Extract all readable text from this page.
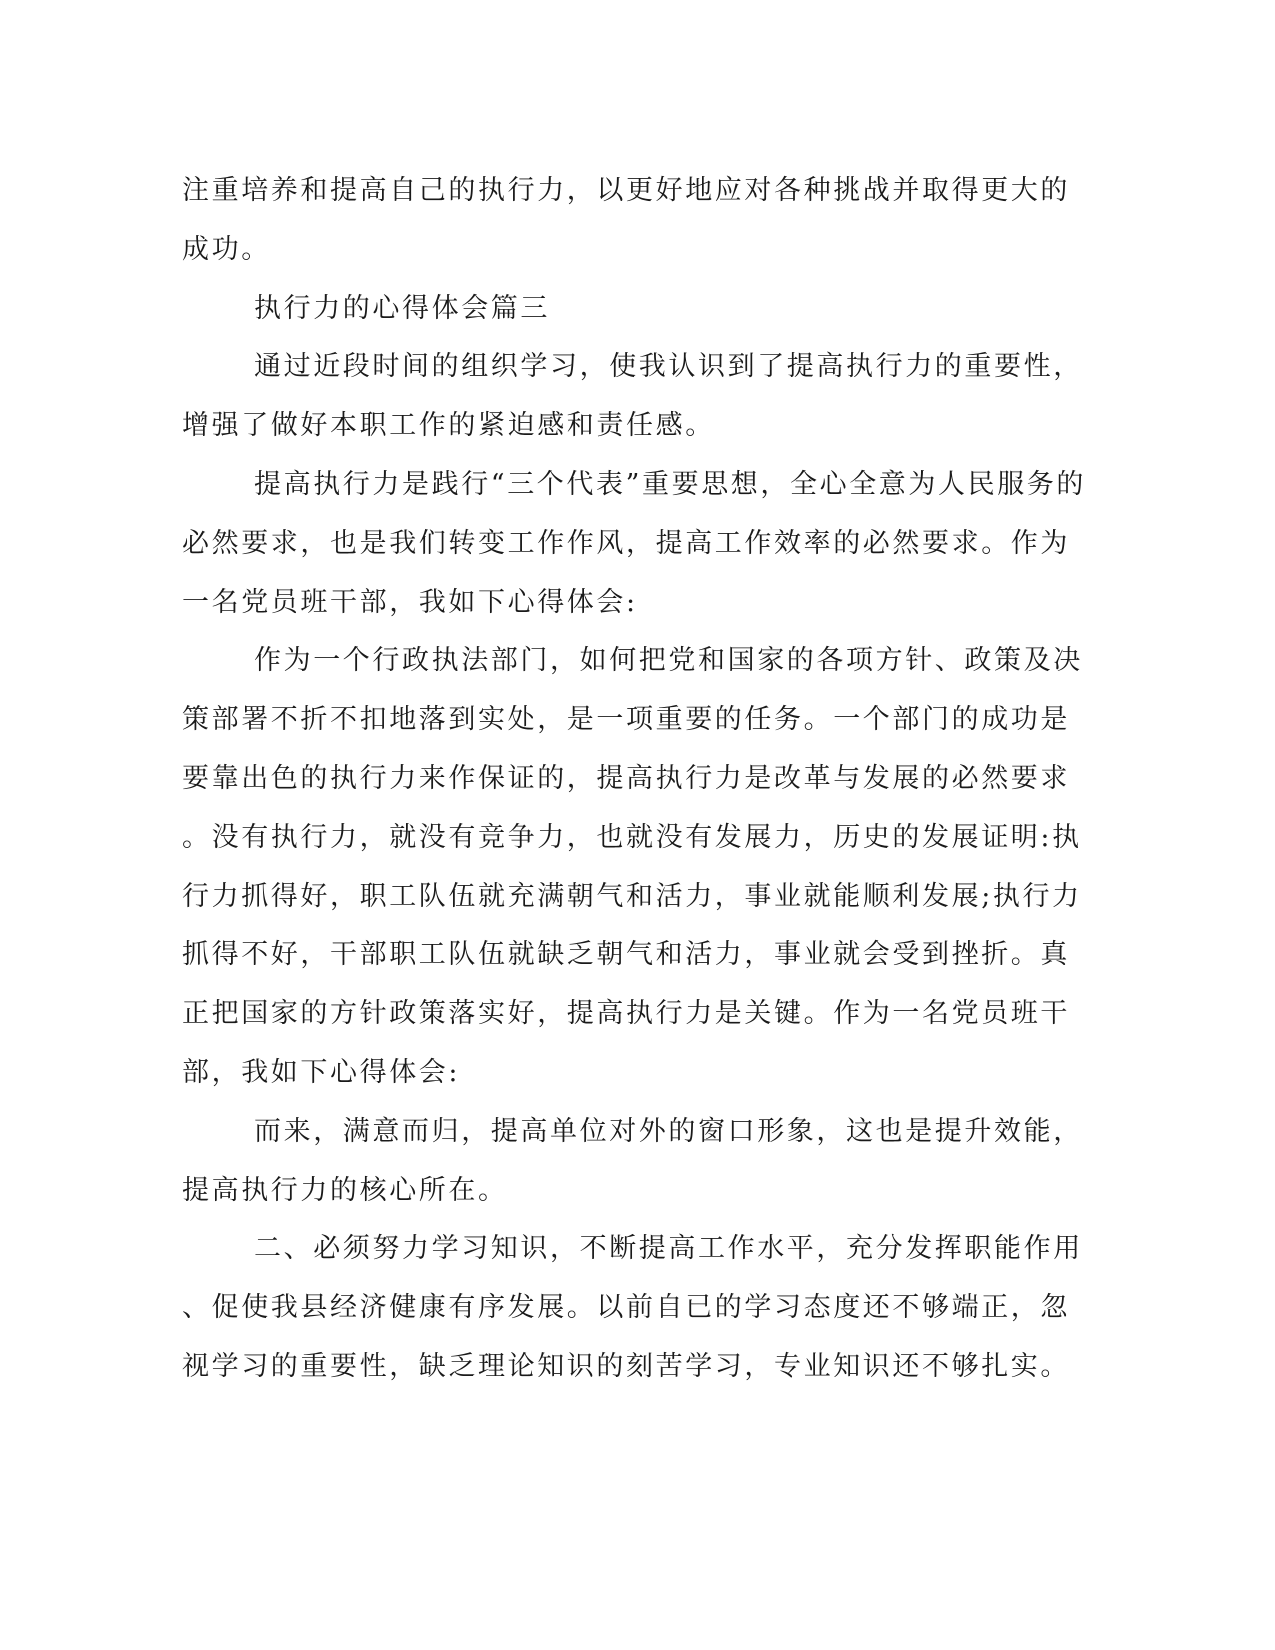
注重培养和提高自己的执行力，以更好地应对各种挑战并取得更大的
成功。
执行力的心得体会篇三
通过近段时间的组织学习，使我认识到了提高执行力的重要性，
增强了做好本职工作的紧迫感和责任感。
提高执行力是践行“三个代表”重要思想，全心全意为人民服务的
必然要求，也是我们转变工作作风，提高工作效率的必然要求。作为
一名党员班干部，我如下心得体会:
作为一个行政执法部门，如何把党和国家的各项方针、政策及决
策部署不折不扣地落到实处，是一项重要的任务。一个部门的成功是
要靠出色的执行力来作保证的，提高执行力是改革与发展的必然要求
。没有执行力，就没有竞争力，也就没有发展力，历史的发展证明:执
行力抓得好，职工队伍就充满朝气和活力，事业就能顺利发展;执行力
抓得不好，干部职工队伍就缺乏朝气和活力，事业就会受到挫折。真
正把国家的方针政策落实好，提高执行力是关键。作为一名党员班干
部，我如下心得体会:
而来，满意而归，提高单位对外的窗口形象，这也是提升效能，
提高执行力的核心所在。
二、必须努力学习知识，不断提高工作水平，充分发挥职能作用
、促使我县经济健康有序发展。以前自已的学习态度还不够端正，忽
视学习的重要性，缺乏理论知识的刻苦学习，专业知识还不够扎实。
